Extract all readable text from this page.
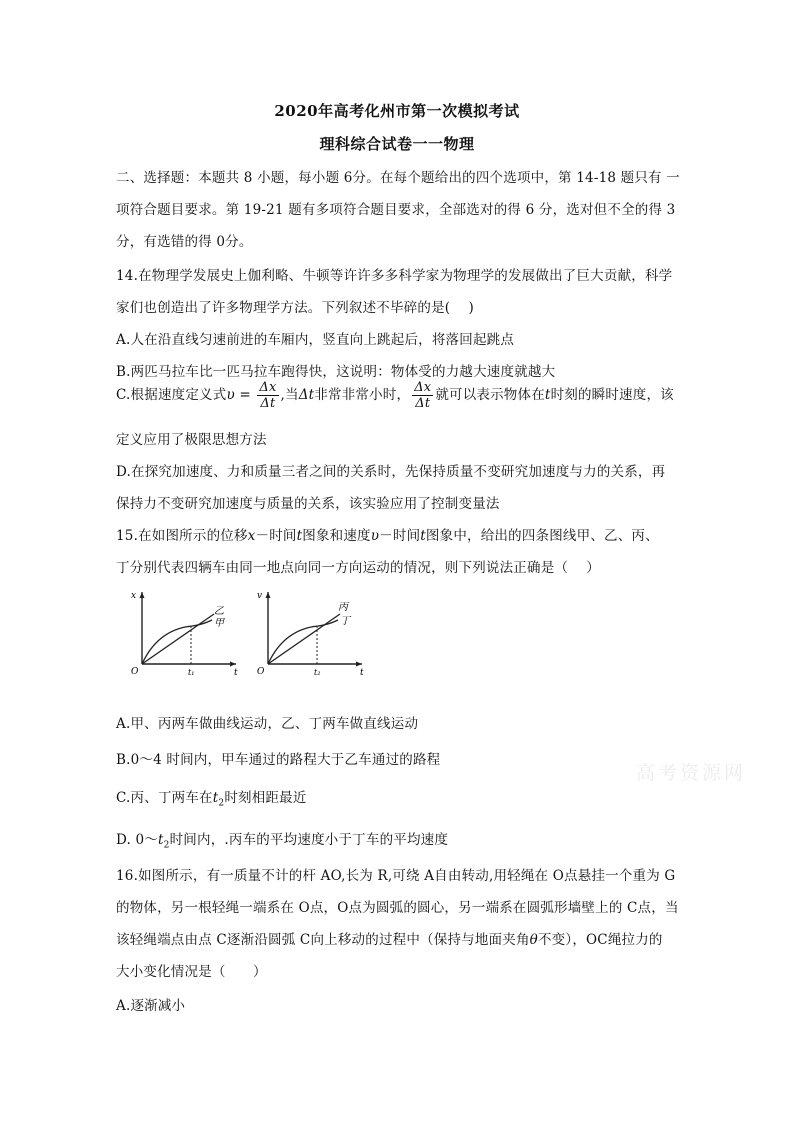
2020年高考化州市第一次模拟考试
理科综合试卷一一物理
二、选择题：本题共 8 小题，每小题 6分。在每个题给出的四个选项中，第 14-18 题只有 一
项符合题目要求。第 19-21 题有多项符合题目要求，全部选对的得 6 分，选对但不全的得 3
分，有选错的得 0分。
14.在物理学发展史上伽利略、牛顿等许许多多科学家为物理学的发展做出了巨大贡献，科学
家们也创造出了许多物理学方法。下列叙述不毕碎的是(　 )
A.人在沿直线匀速前进的车厢内，竖直向上跳起后，将落回起跳点
B.两匹马拉车比一匹马拉车跑得快，这说明：物体受的力越大速度就越大
C.根据速度定义式$\upsilon = \frac{\Delta x}{\Delta t}$ ,当Δt非常非常小时， $\frac{\Delta x}{\Delta t}$ 就可以表示物体在t时刻的瞬时速度，该
定义应用了极限思想方法
D.在探究加速度、力和质量三者之间的关系时，先保持质量不变研究加速度与力的关系，再
保持力不变研究加速度与质量的关系，该实验应用了控制变量法
15.在如图所示的位移x－时间t图象和速度υ－时间t图象中，给出的四条图线甲、乙、丙、
丁分别代表四辆车由同一地点向同一方向运动的情况，则下列说法正确是（　 ）
x
t
O	t₁
乙
甲
v
t
O	t₂
丙
丁
A.甲、丙两车做曲线运动，乙、丁两车做直线运动
B.0～4 时间内，甲车通过的路程大于乙车通过的路程
C.丙、丁两车在$t_2$时刻相距最近
D. $0\sim t_2$时间内，.丙车的平均速度小于丁车的平均速度
16.如图所示，有一质量不计的杆 AO,长为 R,可绕 A自由转动,用轻绳在 O点悬挂一个重为 G
的物体，另一根轻绳一端系在 O点，O点为圆弧的圆心，另一端系在圆弧形墙壁上的 C点，当
该轻绳端点由点 C逐渐沿圆弧 C向上移动的过程中（保持与地面夹角θ不变），OC绳拉力的
大小变化情况是（　　）
A.逐渐减小
高考资源网
